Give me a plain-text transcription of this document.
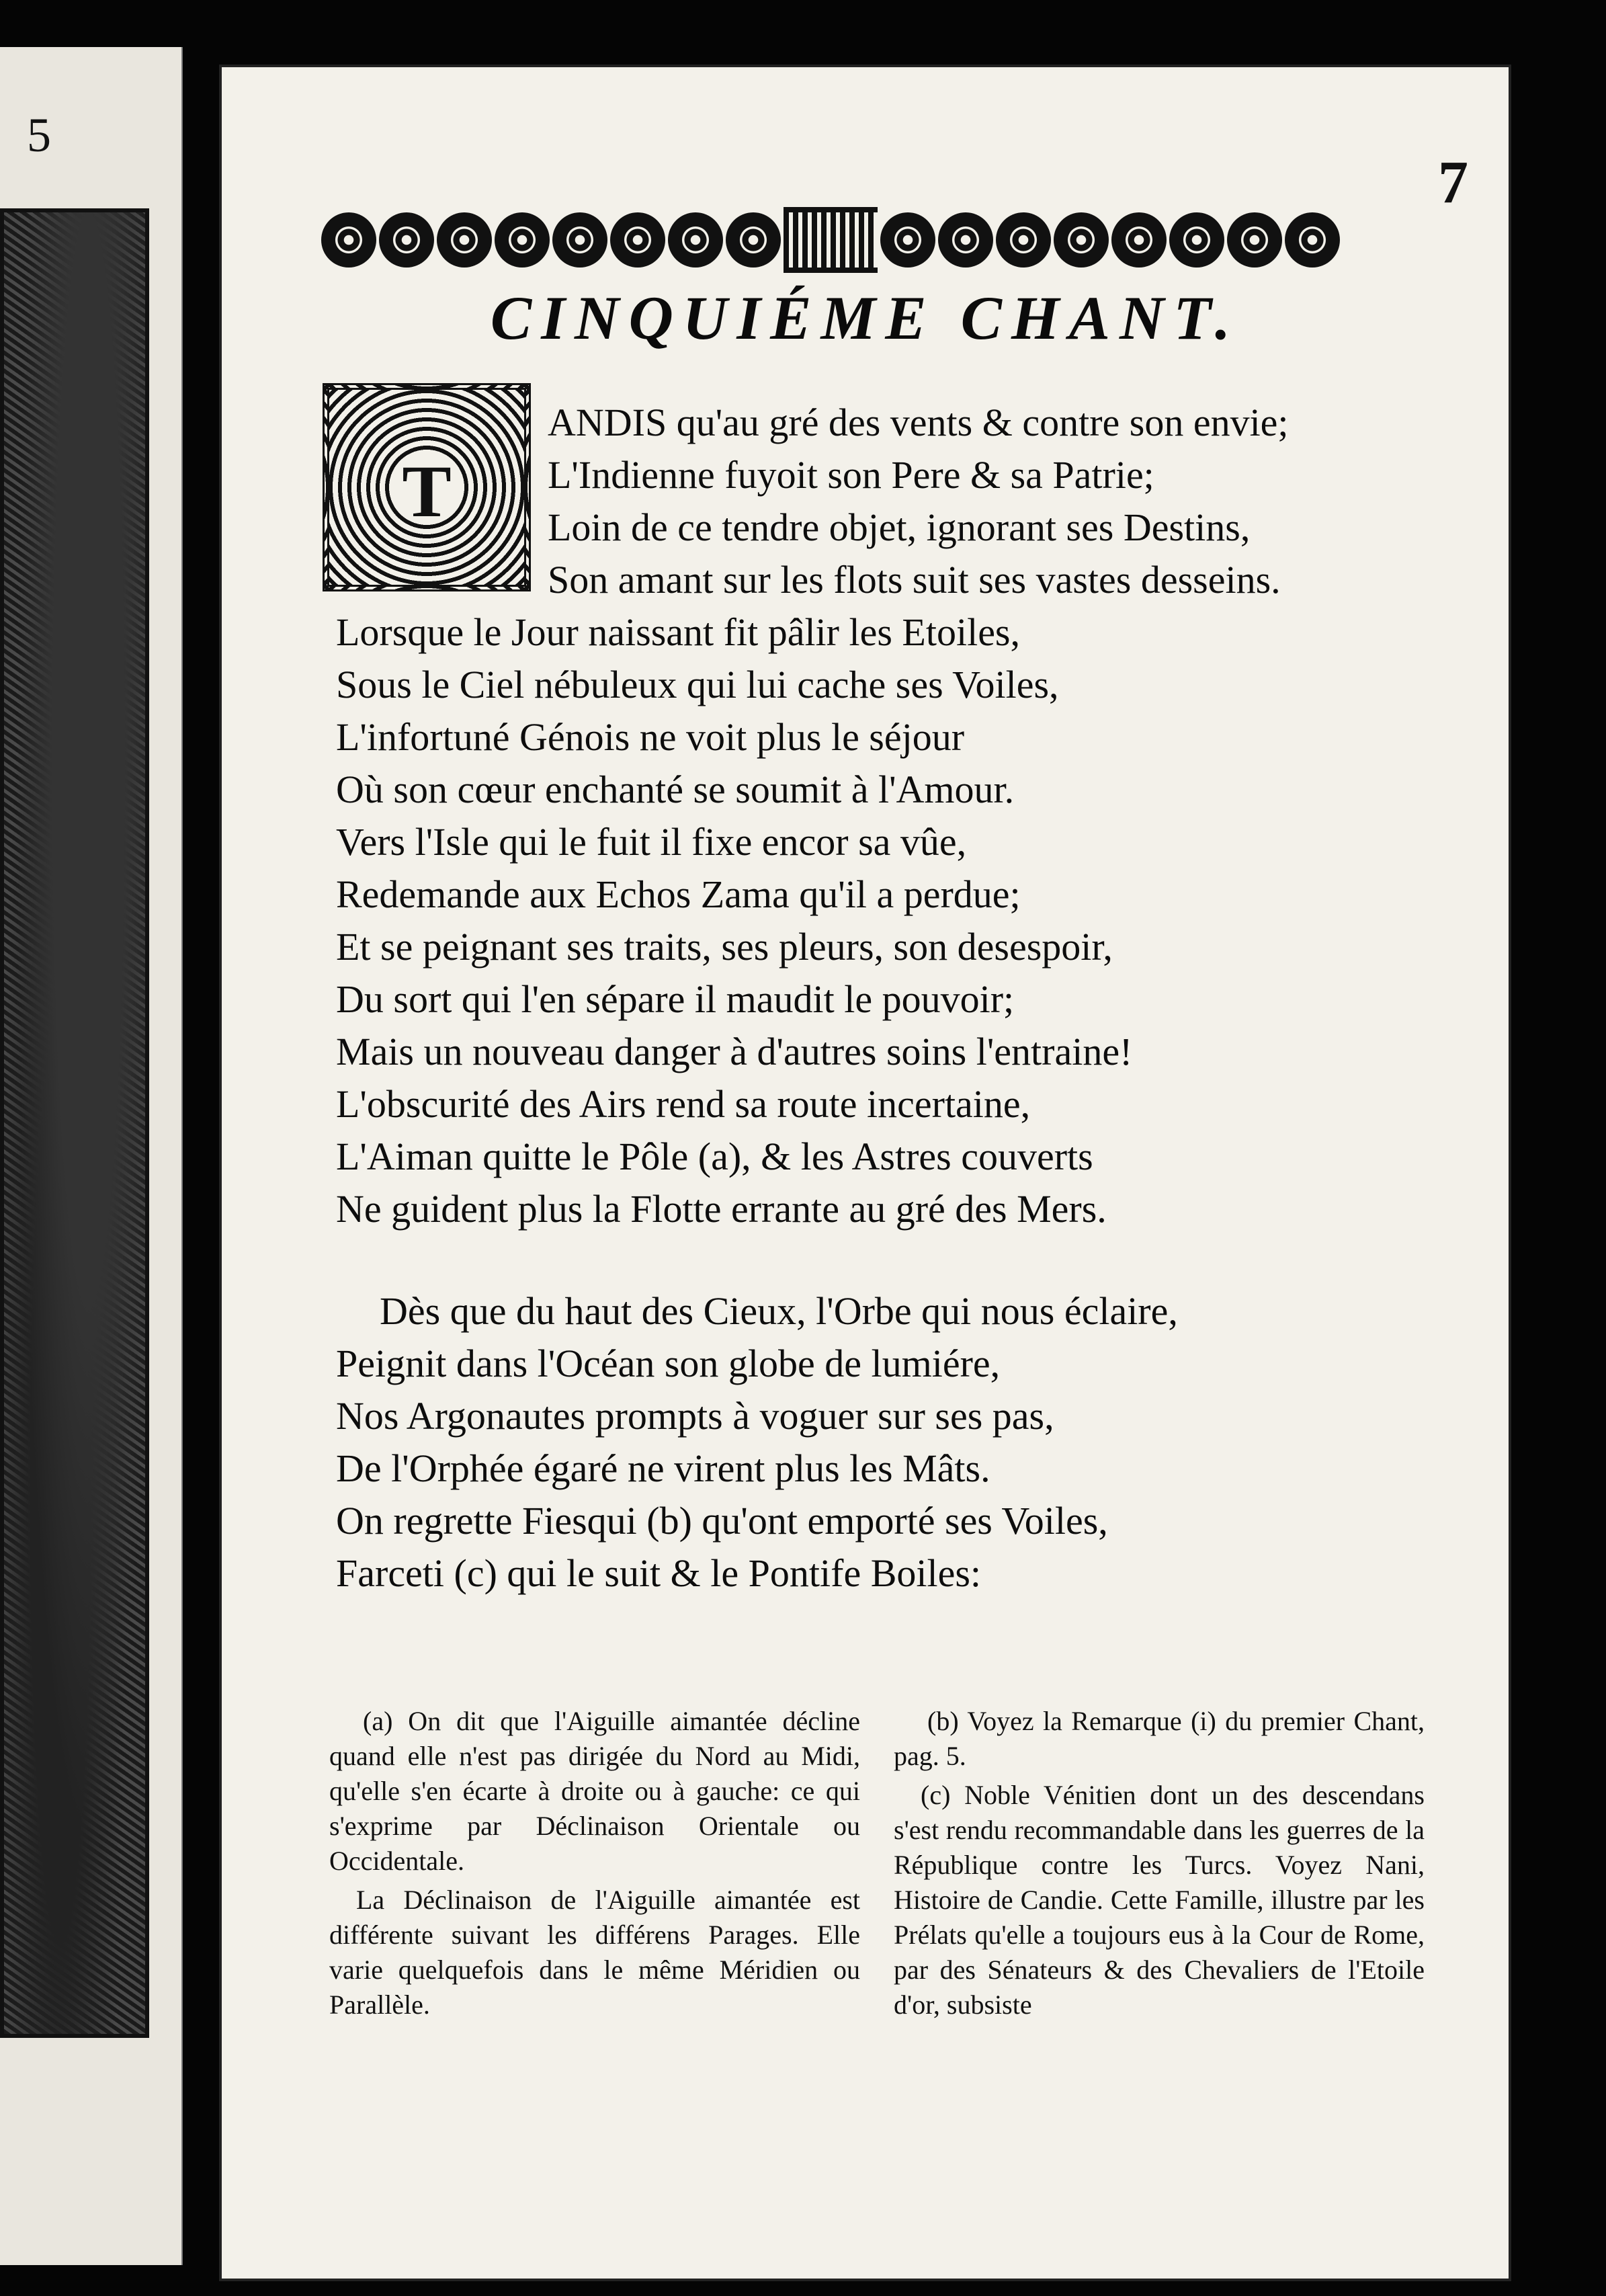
5
7
CINQUIÉME CHANT.
T
ANDIS qu'au gré des vents & contre son envie;
L'Indienne fuyoit son Pere & sa Patrie;
Loin de ce tendre objet, ignorant ses Destins,
Son amant sur les flots suit ses vastes desseins.
Lorsque le Jour naissant fit pâlir les Etoiles,
Sous le Ciel nébuleux qui lui cache ses Voiles,
L'infortuné Génois ne voit plus le séjour
Où son cœur enchanté se soumit à l'Amour.
Vers l'Isle qui le fuit il fixe encor sa vûe,
Redemande aux Echos Zama qu'il a perdue;
Et se peignant ses traits, ses pleurs, son desespoir,
Du sort qui l'en sépare il maudit le pouvoir;
Mais un nouveau danger à d'autres soins l'entraine!
L'obscurité des Airs rend sa route incertaine,
L'Aiman quitte le Pôle (a), & les Astres couverts
Ne guident plus la Flotte errante au gré des Mers.
Dès que du haut des Cieux, l'Orbe qui nous éclaire,
Peignit dans l'Océan son globe de lumiére,
Nos Argonautes prompts à voguer sur ses pas,
De l'Orphée égaré ne virent plus les Mâts.
On regrette Fiesqui (b) qu'ont emporté ses Voiles,
Farceti (c) qui le suit & le Pontife Boiles:

(a) On dit que l'Aiguille aimantée décline quand elle n'est pas dirigée du Nord au Midi, qu'elle s'en écarte à droite ou à gauche: ce qui s'exprime par Déclinaison Orientale ou Occidentale.

La Déclinaison de l'Aiguille aimantée est différente suivant les différens Parages. Elle varie quelquefois dans le même Méridien ou Parallèle.

(b) Voyez la Remarque (i) du premier Chant, pag. 5.

(c) Noble Vénitien dont un des descendans s'est rendu recommandable dans les guerres de la République contre les Turcs. Voyez Nani, Histoire de Candie. Cette Famille, illustre par les Prélats qu'elle a toujours eus à la Cour de Rome, par des Sénateurs & des Chevaliers de l'Etoile d'or, subsiste
